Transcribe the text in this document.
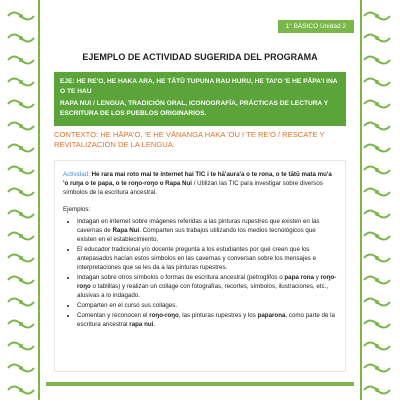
1° BÁSICO Unidad 2
EJEMPLO DE ACTIVIDAD SUGERIDA DEL PROGRAMA

EJE: HE RE'O, HE HAKA ARA, HE TĀTŪ TUPUNA RAU HURU, HE TAI'O 'E HE PĀPA'I INA O TE HAU

RAPA NUI / LENGUA, TRADICIÓN ORAL, ICONOGRAFÍA, PRÁCTICAS DE LECTURA Y ESCRITURA DE LOS PUEBLOS ORIGINARIOS.

CONTEXTO: HE HĀPA'O, 'E HE VĀNANGA HAKA 'OU I TE RE'O / RESCATE Y REVITALIZACIÓN DE LA LENGUA.

Actividad: He rara mai roto mai te internet hai TIC i te hā'aura'a o te rona, o te tātū mata mu'a 'o ruŋa o te papa, o te roŋo-roŋo o Rapa Nui / Utilizan las TIC para investigar sobre diversos símbolos de la escritura ancestral.

Ejemplos:

• Indagan en internet sobre imágenes referidas a las pinturas rupestres que existen en las cavernas de Rapa Nui. Comparten sus trabajos utilizando los medios tecnológicos que existen en el establecimiento.
• El educador tradicional y/o docente pregunta a los estudiantes por qué creen que los antepasados hacían estos símbolos en las cavernas y conversan sobre los mensajes e interpretaciones que se les da a las pinturas rupestres.
• Indagan sobre otros símbolos o formas de escritura ancestral (petroglifos o papa rona y roŋo-roŋo o tablillas) y realizan un collage con fotografías, recortes, símbolos, ilustraciones, etc., alusivas a lo indagado.
• Comparten en el curso sus collages.
• Comentan y reconocen el roŋo-roŋo, las pinturas rupestres y los paparona, como parte de la escritura ancestral rapa nui.
